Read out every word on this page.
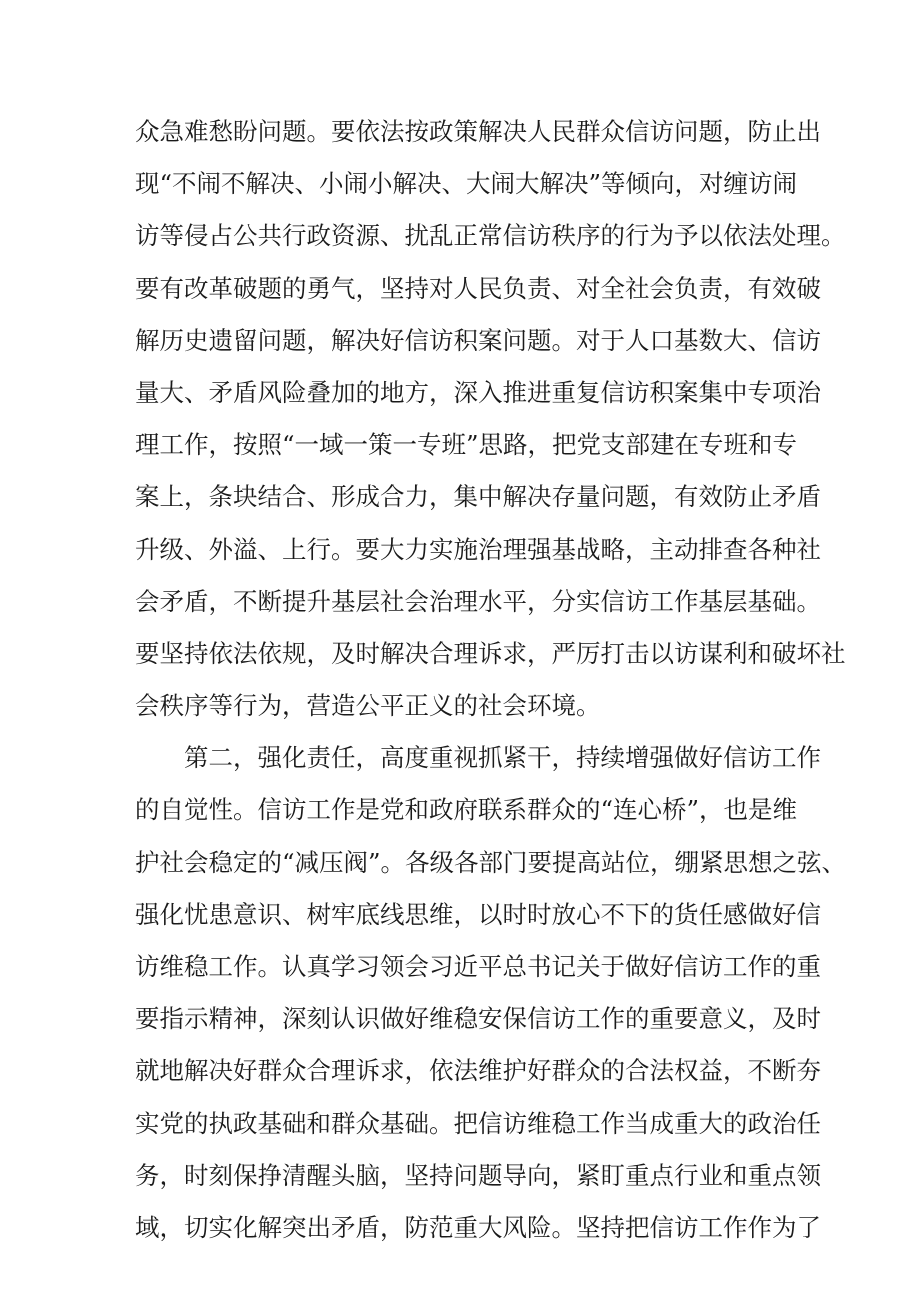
众急难愁盼问题。要依法按政策解决人民群众信访问题，防止出
现“不闹不解决、小闹小解决、大闹大解决”等倾向，对缠访闹
访等侵占公共行政资源、扰乱正常信访秩序的行为予以依法处理。
要有改革破题的勇气，坚持对人民负责、对全社会负责，有效破
解历史遗留问题，解决好信访积案问题。对于人口基数大、信访
量大、矛盾风险叠加的地方，深入推进重复信访积案集中专项治
理工作，按照“一域一策一专班”思路，把党支部建在专班和专
案上，条块结合、形成合力，集中解决存量问题，有效防止矛盾
升级、外溢、上行。要大力实施治理强基战略，主动排查各种社
会矛盾，不断提升基层社会治理水平，分实信访工作基层基础。
要坚持依法依规，及时解决合理诉求，严厉打击以访谋利和破坏社
会秩序等行为，营造公平正义的社会环境。
　　第二，强化责任，高度重视抓紧干，持续增强做好信访工作
的自觉性。信访工作是党和政府联系群众的“连心桥”，也是维
护社会稳定的“减压阀”。各级各部门要提高站位，绷紧思想之弦、
强化忧患意识、树牢底线思维，以时时放心不下的货任感做好信
访维稳工作。认真学习领会习近平总书记关于做好信访工作的重
要指示精神，深刻认识做好维稳安保信访工作的重要意义，及时
就地解决好群众合理诉求，依法维护好群众的合法权益，不断夯
实党的执政基础和群众基础。把信访维稳工作当成重大的政治任
务，时刻保挣清醒头脑，坚持问题导向，紧盯重点行业和重点领
域，切实化解突出矛盾，防范重大风险。坚持把信访工作作为了
